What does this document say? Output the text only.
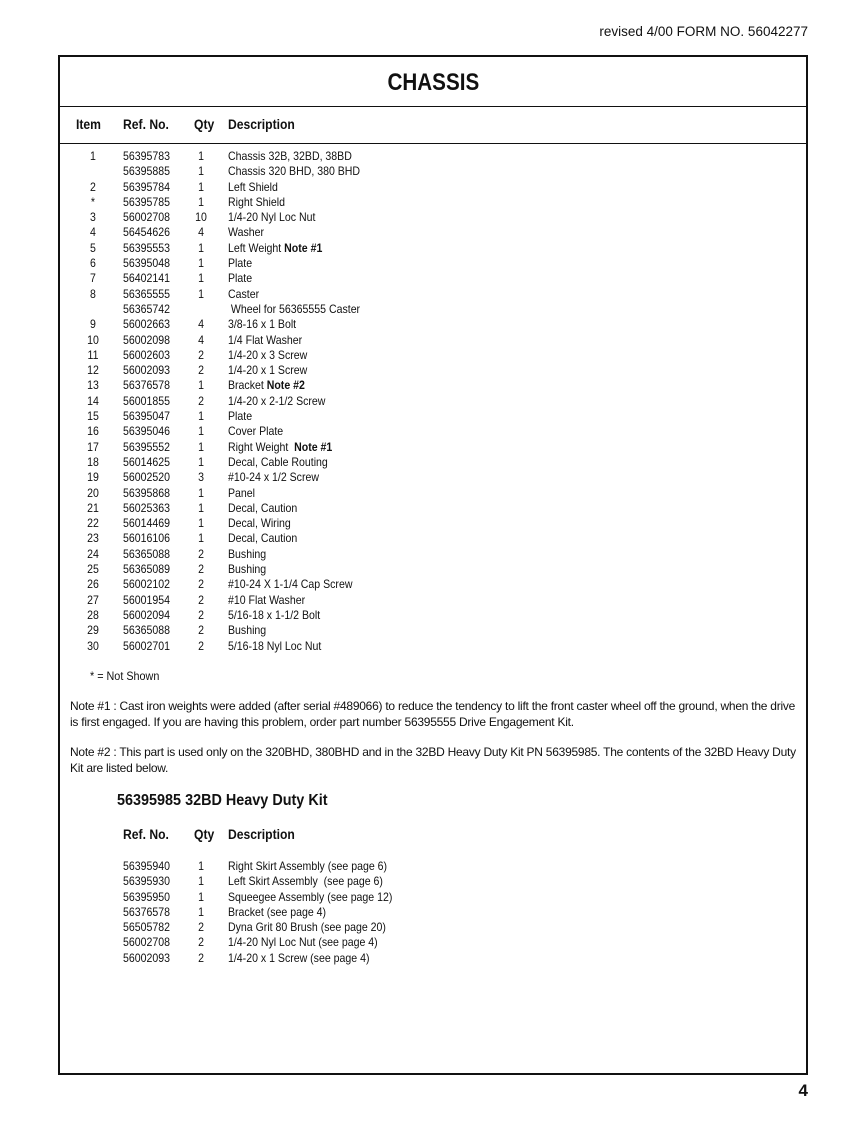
revised 4/00 FORM NO. 56042277
CHASSIS
Item Ref. No. Qty Description
1	56395783	1	Chassis 32B, 32BD, 38BD
56395885	1	Chassis 320 BHD, 380 BHD
2	56395784	1	Left Shield
*	56395785	1	Right Shield
3	56002708 10 1/4-20 Nyl Loc Nut
4	56454626	4	Washer
5	56395553	1	Left Weight Note #1
6	56395048	1	Plate
7	56402141	1	Plate
8	56365555	1	Caster
56365742	Wheel for 56365555 Caster
9	56002663	4	3/8-16 x 1 Bolt
10	56002098	4	1/4 Flat Washer
11	56002603	2	1/4-20 x 3 Screw
12	56002093	2	1/4-20 x 1 Screw
13	56376578	1	Bracket Note #2
14	56001855	2	1/4-20 x 2-1/2 Screw
15	56395047	1	Plate
16	56395046	1	Cover Plate
17	56395552	1	Right Weight  Note #1
18	56014625	1	Decal, Cable Routing
19	56002520	3	#10-24 x 1/2 Screw
20	56395868	1	Panel
21	56025363	1	Decal, Caution
22	56014469	1	Decal, Wiring
23	56016106	1	Decal, Caution
24	56365088	2	Bushing
25	56365089	2	Bushing
26	56002102	2	#10-24 X 1-1/4 Cap Screw
27	56001954	2	#10 Flat Washer
28	56002094	2	5/16-18 x 1-1/2 Bolt
29	56365088	2	Bushing
30	56002701	2	5/16-18 Nyl Loc Nut
* = Not Shown

Note #1 : Cast iron weights were added (after serial #489066) to reduce the tendency to lift the front caster wheel off the ground, when the drive is first engaged. If you are having this problem, order part number 56395555 Drive Engagement Kit.

Note #2 : This part is used only on the 320BHD, 380BHD and in the 32BD Heavy Duty Kit PN 56395985. The contents of the 32BD Heavy Duty Kit are listed below.

56395985 32BD Heavy Duty Kit
Ref. No. Qty Description
56395940	1	Right Skirt Assembly (see page 6)
56395930	1	Left Skirt Assembly  (see page 6)
56395950	1	Squeegee Assembly (see page 12)
56376578	1	Bracket (see page 4)
56505782	2	Dyna Grit 80 Brush (see page 20)
56002708	2	1/4-20 Nyl Loc Nut (see page 4)
56002093	2	1/4-20 x 1 Screw (see page 4)
4
